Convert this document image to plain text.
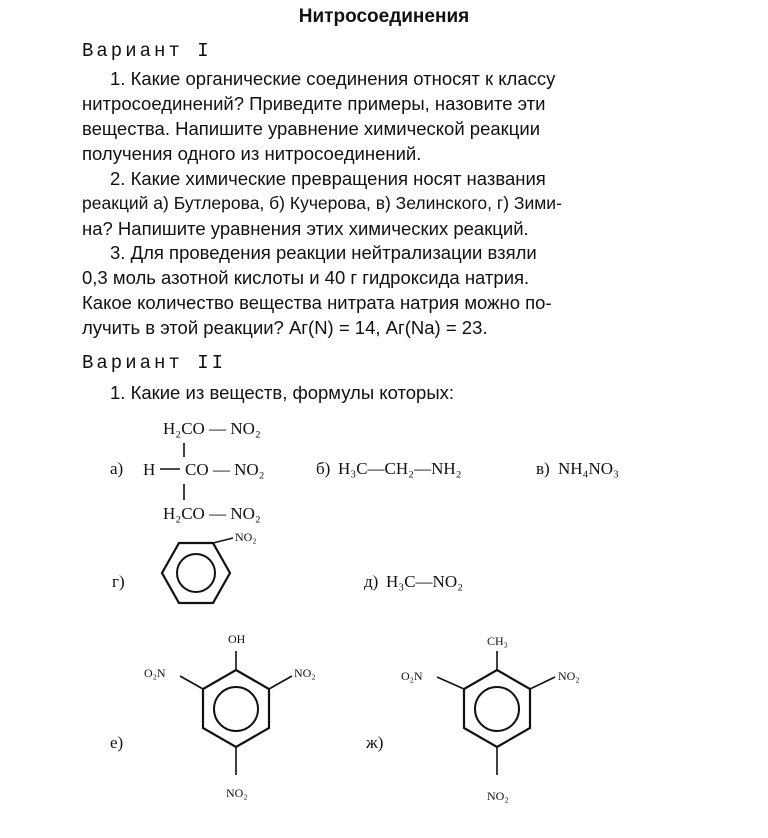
Нитросоединения
Вариант I
1. Какие органические соединения относят к классу
нитросоединений? Приведите примеры, назовите эти
вещества. Напишите уравнение химической реакции
получения одного из нитросоединений.
2. Какие химические превращения носят названия
реакций а) Бутлерова, б) Кучерова, в) Зелинского, г) Зими-
на? Напишите уравнения этих химических реакций.
3. Для проведения реакции нейтрализации взяли
0,3 моль азотной кислоты и 40 г гидроксида натрия.
Какое количество вещества нитрата натрия можно по-
лучить в этой реакции? Aг(N) = 14, Aг(Na) = 23.
Вариант II
1. Какие из веществ, формулы которых:
а)
H₂CO — NO₂
H CO — NO₂
H₂CO — NO₂
б) H₃C—CH₂—NH₂	в) NH₄NO₃
г)
NO₂
д) H₃C—NO₂
е)
OH
O₂N	NO₂
NO₂
ж)
CH₃
O₂N	NO₂
NO₂
